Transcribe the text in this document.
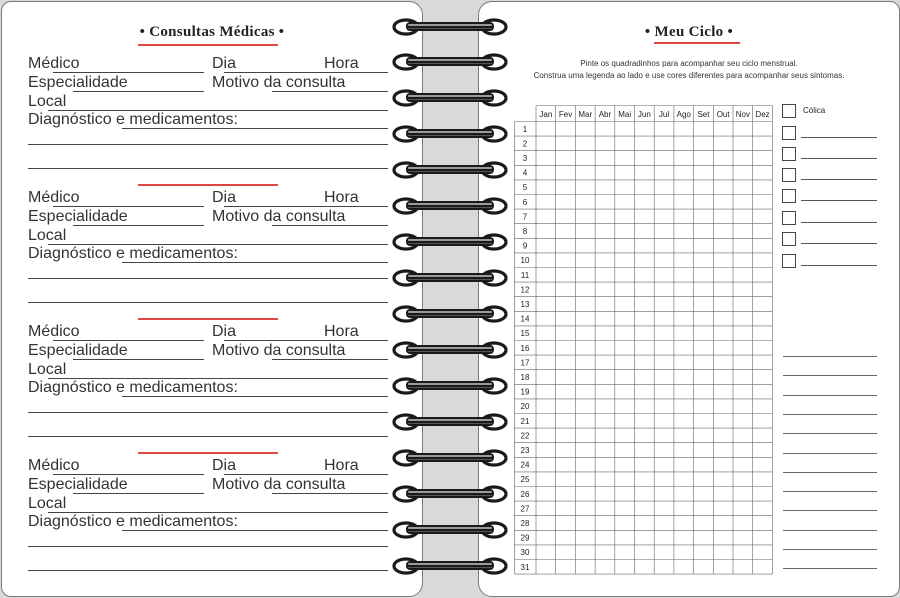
• Consultas Médicas •
Médico	Dia	Hora
Especialidade	Motivo da consulta
Local
Diagnóstico e medicamentos:
Médico	Dia	Hora
Especialidade	Motivo da consulta
Local
Diagnóstico e medicamentos:
Médico	Dia	Hora
Especialidade	Motivo da consulta
Local
Diagnóstico e medicamentos:
Médico	Dia	Hora
Especialidade	Motivo da consulta
Local
Diagnóstico e medicamentos:
• Meu Ciclo •
Pinte os quadradinhos para acompanhar seu ciclo menstrual.
Construa uma legenda ao lado e use cores diferentes para acompanhar seus sintomas.
Jan Fev Mar Abr Mai Jun Jul Ago Set Out Nov Dez
1
2
3
4
5
6
7
8
9
10
11
12
13
14
15
16
17
18
19
20
21
22
23
24
25
26
27
28
29
30
31
Cólica
